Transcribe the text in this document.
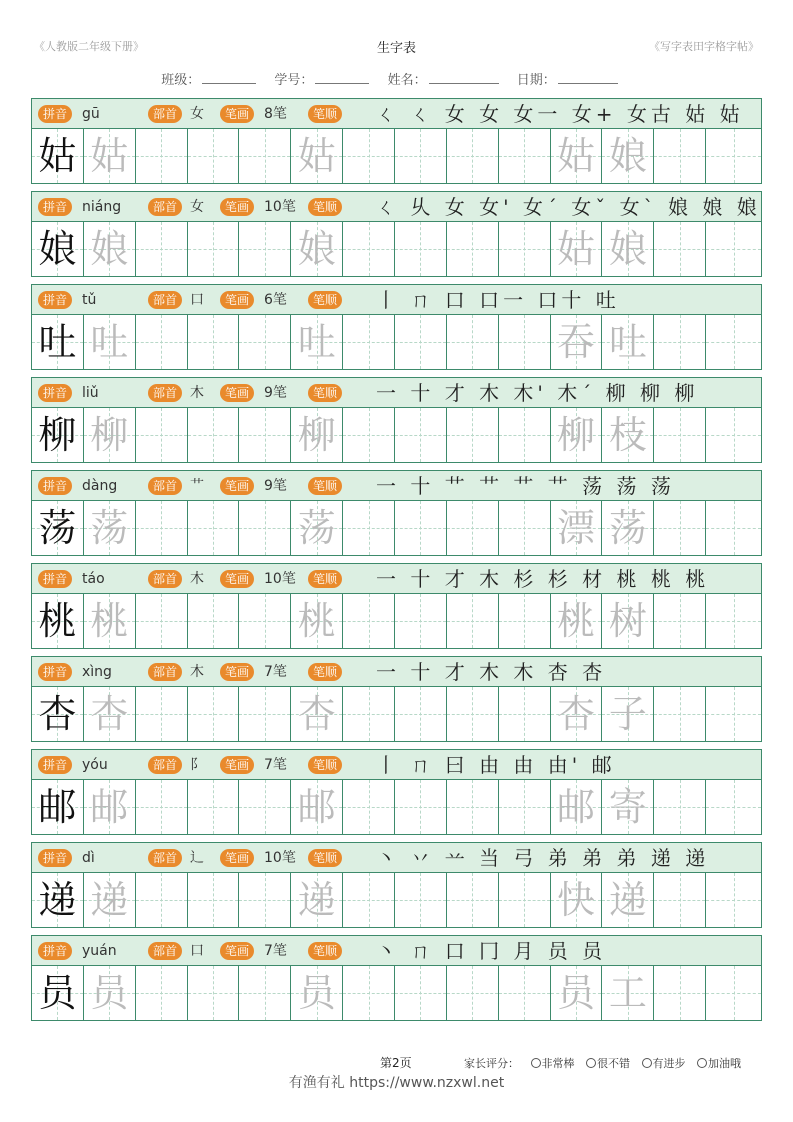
《人教版二年级下册》	生字表	《写字表田字格字帖》
班级：	学号：	姓名：	日期：
拼音	gū	部首 女	笔画	8笔	笔顺 ㄑ ㄑ 女 女 女一 女+ 女古 姑 姑
姑 姑	姑	姑 娘
拼音	niáng	部首 女	笔画	10笔	笔顺 ㄑ 乆 女 女' 女ˊ 女ˇ 女ˋ 娘 娘 娘
娘 娘	娘	姑 娘
拼音	tǔ	部首 口	笔画	6笔	笔顺 丨 ㄇ 口 口一 口十 吐
吐 吐	吐	吞 吐
拼音	liǔ	部首 木	笔画	9笔	笔顺 一 十 才 木 木' 木ˊ 柳 柳 柳
柳 柳	柳	柳 枝
拼音	dàng	部首 艹	笔画	9笔	笔顺 一 十 艹 艹 艹 艹 荡 荡 荡
荡 荡	荡	漂 荡
拼音	táo	部首 木	笔画	10笔	笔顺 一 十 才 木 杉 杉 材 桃 桃 桃
桃 桃	桃	桃 树
拼音	xìng	部首 木	笔画	7笔	笔顺 一 十 才 木 木 杏 杏
杏 杏	杏	杏 子
拼音	yóu	部首 阝	笔画	7笔	笔顺 丨 ㄇ 曰 由 由 由' 邮
邮 邮	邮	邮 寄
拼音	dì	部首 辶	笔画	10笔	笔顺 丶 丷 䒑 当 弓 弟 弟 弟 递 递
递 递	递	快 递
拼音	yuán	部首 口	笔画	7笔	笔顺 丶 ㄇ 口 冂 月 员 员
员 员	员	员 工
第2页	家长评分： 非常棒 很不错 有进步 加油哦
有渔有礼 https://www.nzxwl.net
